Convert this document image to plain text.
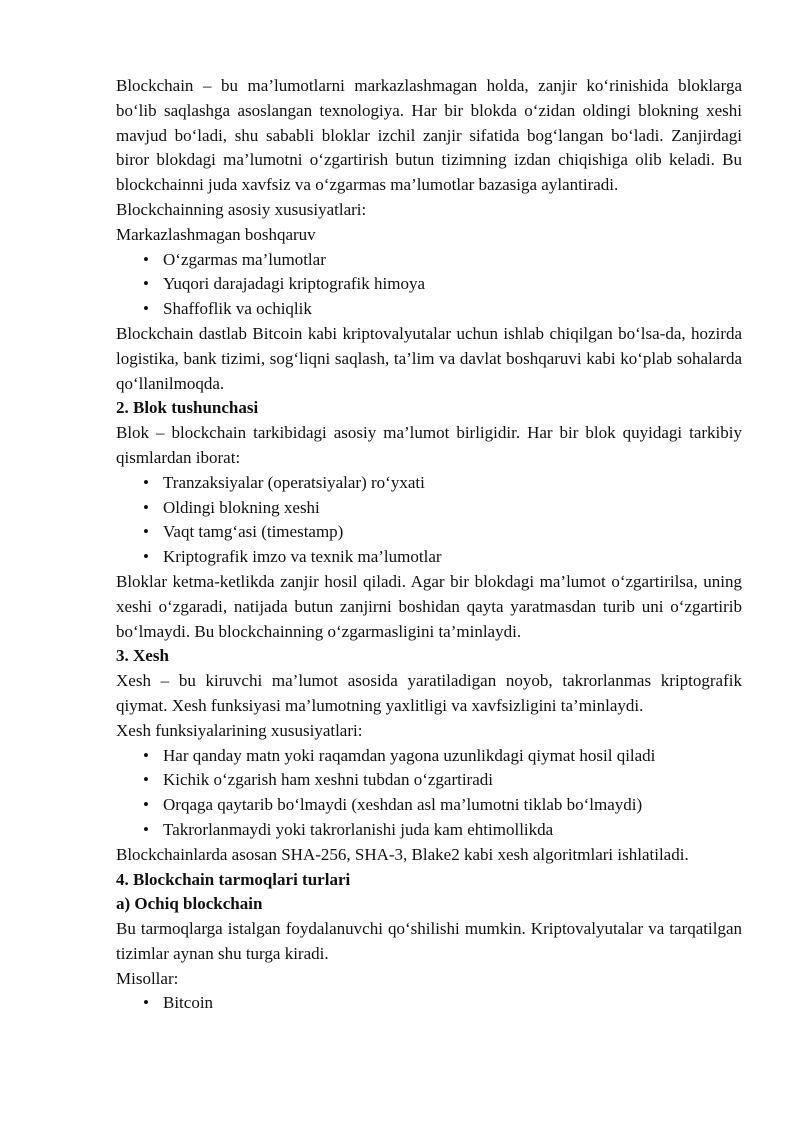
Blockchain – bu ma’lumotlarni markazlashmagan holda, zanjir ko‘rinishida bloklarga bo‘lib saqlashga asoslangan texnologiya. Har bir blokda o‘zidan oldingi blokning xeshi mavjud bo‘ladi, shu sababli bloklar izchil zanjir sifatida bog‘langan bo‘ladi. Zanjirdagi biror blokdagi ma’lumotni o‘zgartirish butun tizimning izdan chiqishiga olib keladi. Bu blockchainni juda xavfsiz va o‘zgarmas ma’lumotlar bazasiga aylantiradi.

Blockchainning asosiy xususiyatlari:

Markazlashmagan boshqaruv

• O‘zgarmas ma’lumotlar
• Yuqori darajadagi kriptografik himoya
• Shaffoflik va ochiqlik

Blockchain dastlab Bitcoin kabi kriptovalyutalar uchun ishlab chiqilgan bo‘lsa-da, hozirda logistika, bank tizimi, sog‘liqni saqlash, ta’lim va davlat boshqaruvi kabi ko‘plab sohalarda qo‘llanilmoqda.

2. Blok tushunchasi

Blok – blockchain tarkibidagi asosiy ma’lumot birligidir. Har bir blok quyidagi tarkibiy qismlardan iborat:

• Tranzaksiyalar (operatsiyalar) ro‘yxati
• Oldingi blokning xeshi
• Vaqt tamg‘asi (timestamp)
• Kriptografik imzo va texnik ma’lumotlar

Bloklar ketma-ketlikda zanjir hosil qiladi. Agar bir blokdagi ma’lumot o‘zgartirilsa, uning xeshi o‘zgaradi, natijada butun zanjirni boshidan qayta yaratmasdan turib uni o‘zgartirib bo‘lmaydi. Bu blockchainning o‘zgarmasligini ta’minlaydi.

3. Xesh

Xesh – bu kiruvchi ma’lumot asosida yaratiladigan noyob, takrorlanmas kriptografik qiymat. Xesh funksiyasi ma’lumotning yaxlitligi va xavfsizligini ta’minlaydi.

Xesh funksiyalarining xususiyatlari:

• Har qanday matn yoki raqamdan yagona uzunlikdagi qiymat hosil qiladi
• Kichik o‘zgarish ham xeshni tubdan o‘zgartiradi
• Orqaga qaytarib bo‘lmaydi (xeshdan asl ma’lumotni tiklab bo‘lmaydi)
• Takrorlanmaydi yoki takrorlanishi juda kam ehtimollikda

Blockchainlarda asosan SHA-256, SHA-3, Blake2 kabi xesh algoritmlari ishlatiladi.

4. Blockchain tarmoqlari turlari

a) Ochiq blockchain

Bu tarmoqlarga istalgan foydalanuvchi qo‘shilishi mumkin. Kriptovalyutalar va tarqatilgan tizimlar aynan shu turga kiradi.

Misollar:

• Bitcoin
